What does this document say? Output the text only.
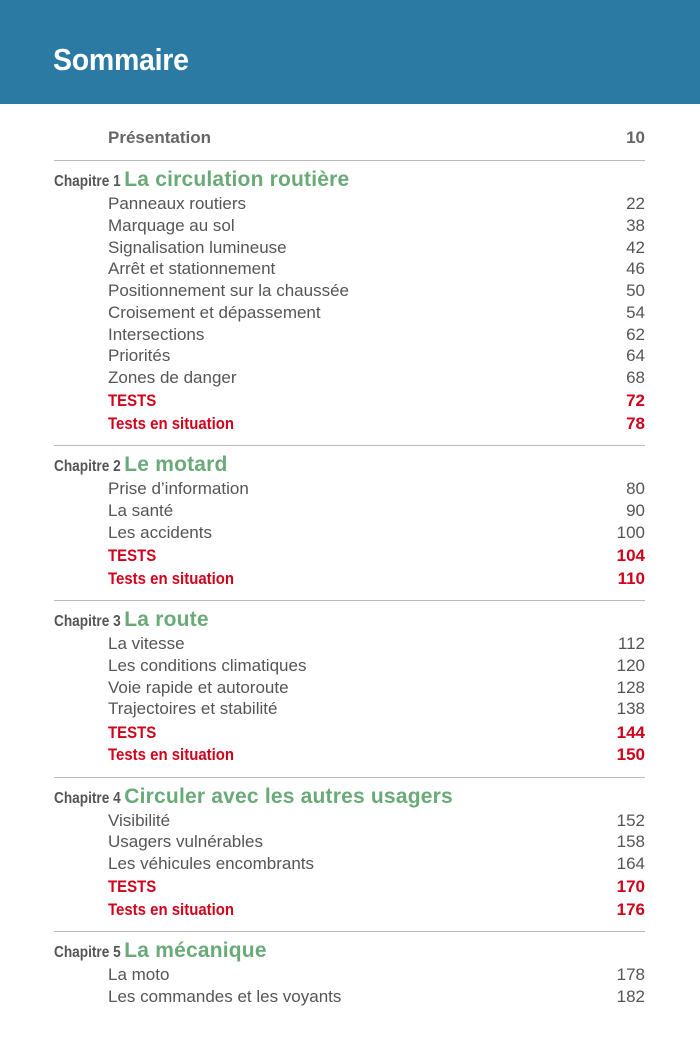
Sommaire
Présentation	10
Chapitre 1 La circulation routière
Panneaux routiers	22
Marquage au sol	38
Signalisation lumineuse	42
Arrêt et stationnement	46
Positionnement sur la chaussée	50
Croisement et dépassement	54
Intersections	62
Priorités	64
Zones de danger	68
TESTS	72
Tests en situation	78
Chapitre 2 Le motard
Prise d’information	80
La santé	90
Les accidents	100
TESTS	104
Tests en situation	110
Chapitre 3 La route
La vitesse	112
Les conditions climatiques	120
Voie rapide et autoroute	128
Trajectoires et stabilité	138
TESTS	144
Tests en situation	150
Chapitre 4 Circuler avec les autres usagers
Visibilité	152
Usagers vulnérables	158
Les véhicules encombrants	164
TESTS	170
Tests en situation	176
Chapitre 5 La mécanique
La moto	178
Les commandes et les voyants	182
